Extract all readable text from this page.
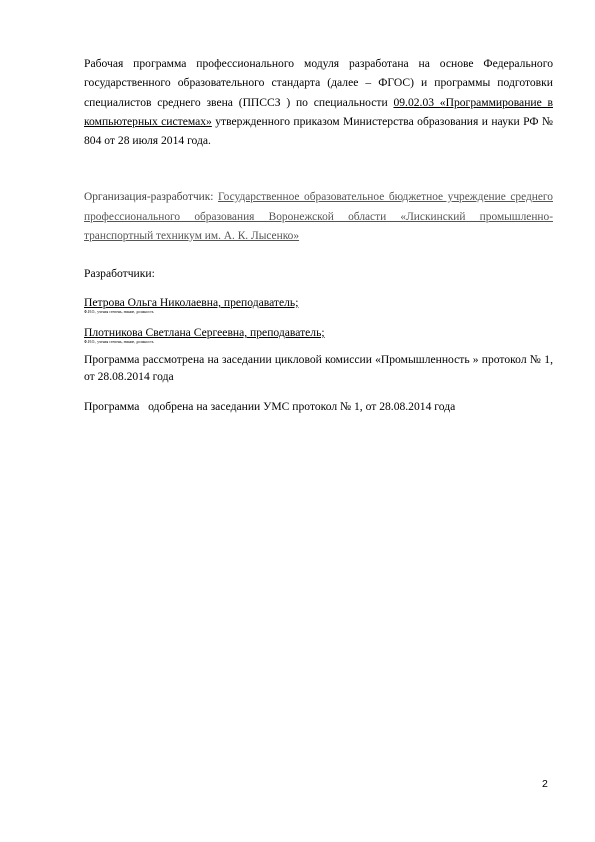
Рабочая программа профессионального модуля разработана на основе Федерального государственного образовательного стандарта (далее – ФГОС) и программы подготовки специалистов среднего звена (ППССЗ ) по специальности 09.02.03 «Программирование в компьютерных системах» утвержденного приказом Министерства образования и науки РФ № 804 от 28 июля 2014 года.

Организация-разработчик: Государственное образовательное бюджетное учреждение среднего профессионального образования Воронежской области «Лискинский промышленно-транспортный техникум им. А. К. Лысенко»

Разработчики:
Петрова Ольга Николаевна, преподаватель;
Ф.И.О., ученая степень, звание, должность
Плотникова Светлана Сергеевна, преподаватель;
Ф.И.О., ученая степень, звание, должность

Программа рассмотрена на заседании цикловой комиссии «Промышленность » протокол № 1, от 28.08.2014 года

Программа   одобрена на заседании УМС протокол № 1, от 28.08.2014 года

2
